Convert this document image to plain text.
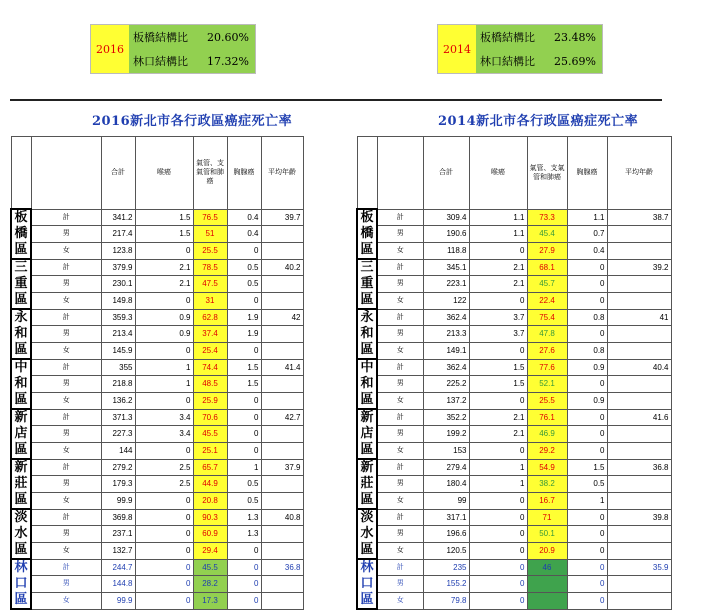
2016
板橋結構比	20.60%
林口結構比	17.32%
2014
板橋結構比	23.48%
林口結構比	25.69%
2016新北市各行政區癌症死亡率	2014新北市各行政區癌症死亡率
		合計	喉癌	氣管、支氣管和肺癌	胸腺癌	平均年齡
板
橋
區	計	341.2	1.5	76.5	0.4	39.7
	男	217.4	1.5	51	0.4	
	女	123.8	0	25.5	0	
三
重
區	計	379.9	2.1	78.5	0.5	40.2
	男	230.1	2.1	47.5	0.5	
	女	149.8	0	31	0	
永
和
區	計	359.3	0.9	62.8	1.9	42
	男	213.4	0.9	37.4	1.9	
	女	145.9	0	25.4	0	
中
和
區	計	355	1	74.4	1.5	41.4
	男	218.8	1	48.5	1.5	
	女	136.2	0	25.9	0	
新
店
區	計	371.3	3.4	70.6	0	42.7
	男	227.3	3.4	45.5	0	
	女	144	0	25.1	0	
新
莊
區	計	279.2	2.5	65.7	1	37.9
	男	179.3	2.5	44.9	0.5	
	女	99.9	0	20.8	0.5	
淡
水
區	計	369.8	0	90.3	1.3	40.8
	男	237.1	0	60.9	1.3	
	女	132.7	0	29.4	0	
林
口
區	計	244.7	0	45.5	0	36.8
	男	144.8	0	28.2	0	
	女	99.9	0	17.3	0	
		合計	喉癌	氣管、支氣管和肺癌	胸腺癌	平均年齡
板
橋
區	計	309.4	1.1	73.3	1.1	38.7
	男	190.6	1.1	45.4	0.7	
	女	118.8	0	27.9	0.4	
三
重
區	計	345.1	2.1	68.1	0	39.2
	男	223.1	2.1	45.7	0	
	女	122	0	22.4	0	
永
和
區	計	362.4	3.7	75.4	0.8	41
	男	213.3	3.7	47.8	0	
	女	149.1	0	27.6	0.8	
中
和
區	計	362.4	1.5	77.6	0.9	40.4
	男	225.2	1.5	52.1	0	
	女	137.2	0	25.5	0.9	
新
店
區	計	352.2	2.1	76.1	0	41.6
	男	199.2	2.1	46.9	0	
	女	153	0	29.2	0	
新
莊
區	計	279.4	1	54.9	1.5	36.8
	男	180.4	1	38.2	0.5	
	女	99	0	16.7	1	
淡
水
區	計	317.1	0	71	0	39.8
	男	196.6	0	50.1	0	
	女	120.5	0	20.9	0	
林
口
區	計	235	0	46	0	35.9
	男	155.2	0		0	
	女	79.8	0		0	
